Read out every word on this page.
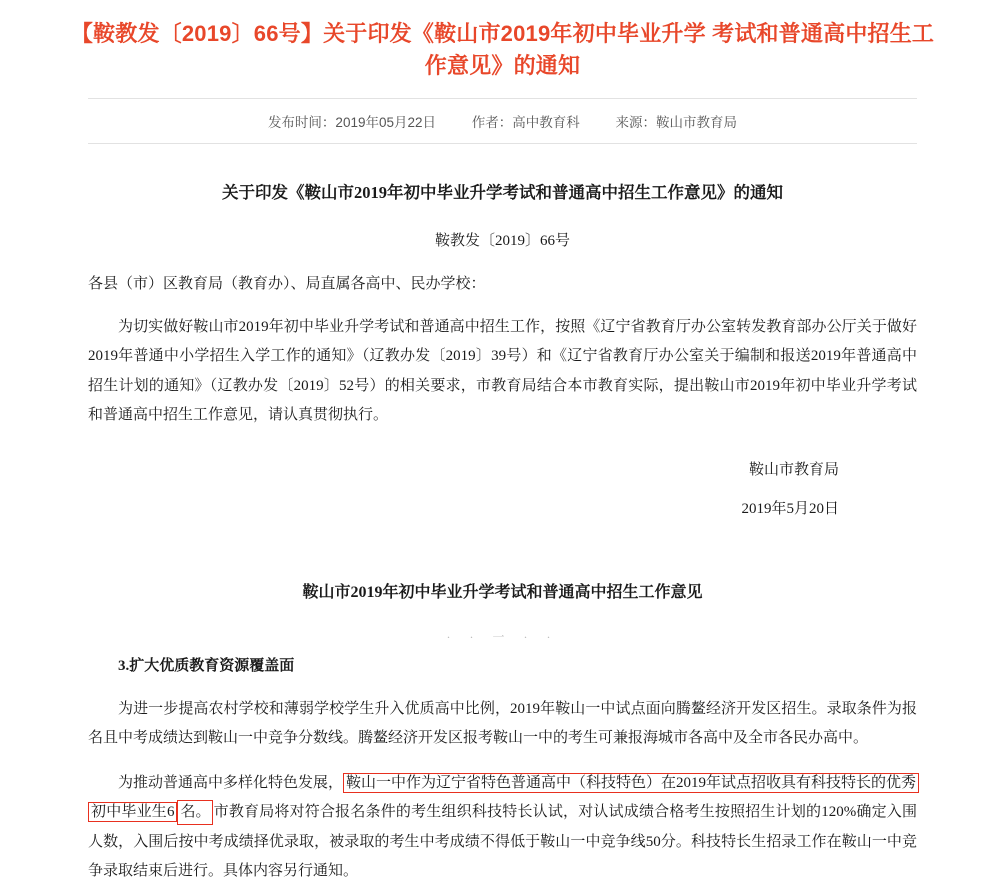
【鞍教发〔2019〕66号】关于印发《鞍山市2019年初中毕业升学 考试和普通高中招生工作意见》的通知
发布时间：2019年05月22日	作者：高中教育科	来源：鞍山市教育局
关于印发《鞍山市2019年初中毕业升学考试和普通高中招生工作意见》的通知
鞍教发〔2019〕66号
各县（市）区教育局（教育办）、局直属各高中、民办学校：
为切实做好鞍山市2019年初中毕业升学考试和普通高中招生工作，按照《辽宁省教育厅办公室转发教育部办公厅关于做好2019年普通中小学招生入学工作的通知》（辽教办发〔2019〕39号）和《辽宁省教育厅办公室关于编制和报送2019年普通高中招生计划的通知》（辽教办发〔2019〕52号）的相关要求，市教育局结合本市教育实际，提出鞍山市2019年初中毕业升学考试和普通高中招生工作意见，请认真贯彻执行。
鞍山市教育局
2019年5月20日
鞍山市2019年初中毕业升学考试和普通高中招生工作意见
· · 一 · ·
3.扩大优质教育资源覆盖面
为进一步提高农村学校和薄弱学校学生升入优质高中比例，2019年鞍山一中试点面向腾鳌经济开发区招生。录取条件为报名且中考成绩达到鞍山一中竞争分数线。腾鳌经济开发区报考鞍山一中的考生可兼报海城市各高中及全市各民办高中。
为推动普通高中多样化特色发展， 鞍山一中作为辽宁省特色普通高中（科技特色）在2019年试点招收具有科技特长的优秀初中毕业生6 名。 市教育局将对符合报名条件的考生组织科技特长认试，对认试成绩合格考生按照招生计划的120%确定入围人数，入围后按中考成绩择优录取，被录取的考生中考成绩不得低于鞍山一中竞争线50分。科技特长生招录工作在鞍山一中竞争录取结束后进行。具体内容另行通知。
